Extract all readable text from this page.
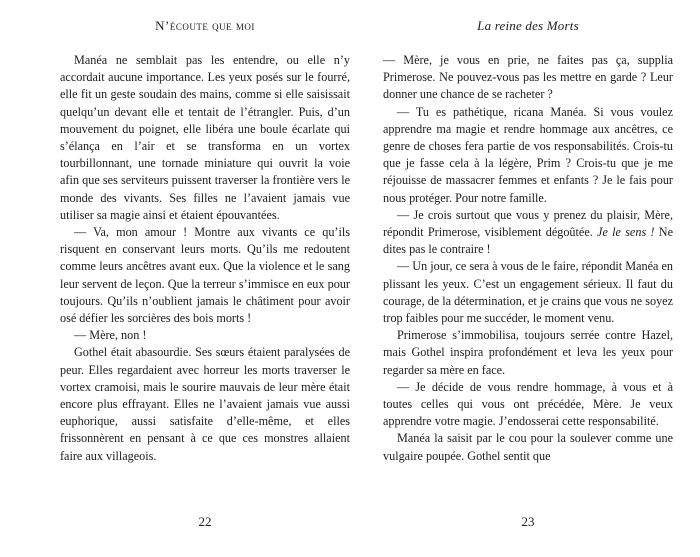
N’écoute que moi

Manéa ne semblait pas les entendre, ou elle n’y accordait aucune importance. Les yeux posés sur le fourré, elle fit un geste soudain des mains, comme si elle saisissait quelqu’un devant elle et tentait de l’étrangler. Puis, d’un mouvement du poignet, elle libéra une boule écarlate qui s’élança en l’air et se transforma en un vortex tourbillonnant, une tornade miniature qui ouvrit la voie afin que ses serviteurs puissent traverser la frontière vers le monde des vivants. Ses filles ne l’avaient jamais vue utiliser sa magie ainsi et étaient épouvantées.

— Va, mon amour ! Montre aux vivants ce qu’ils risquent en conservant leurs morts. Qu’ils me redoutent comme leurs ancêtres avant eux. Que la violence et le sang leur servent de leçon. Que la terreur s’immisce en eux pour toujours. Qu’ils n’oublient jamais le châtiment pour avoir osé défier les sorcières des bois morts !

— Mère, non !

Gothel était abasourdie. Ses sœurs étaient paralysées de peur. Elles regardaient avec horreur les morts traverser le vortex cramoisi, mais le sourire mauvais de leur mère était encore plus effrayant. Elles ne l’avaient jamais vue aussi euphorique, aussi satisfaite d’elle-même, et elles frissonnèrent en pensant à ce que ces monstres allaient faire aux villageois.

22
La reine des Morts

— Mère, je vous en prie, ne faites pas ça, supplia Primerose. Ne pouvez-vous pas les mettre en garde ? Leur donner une chance de se racheter ?

— Tu es pathétique, ricana Manéa. Si vous voulez apprendre ma magie et rendre hommage aux ancêtres, ce genre de choses fera partie de vos responsabilités. Crois-tu que je fasse cela à la légère, Prim ? Crois-tu que je me réjouisse de massacrer femmes et enfants ? Je le fais pour nous protéger. Pour notre famille.

— Je crois surtout que vous y prenez du plaisir, Mère, répondit Primerose, visiblement dégoûtée. Je le sens ! Ne dites pas le contraire !

— Un jour, ce sera à vous de le faire, répondit Manéa en plissant les yeux. C’est un engagement sérieux. Il faut du courage, de la détermination, et je crains que vous ne soyez trop faibles pour me succéder, le moment venu.

Primerose s’immobilisa, toujours serrée contre Hazel, mais Gothel inspira profondément et leva les yeux pour regarder sa mère en face.

— Je décide de vous rendre hommage, à vous et à toutes celles qui vous ont précédée, Mère. Je veux apprendre votre magie. J’endosserai cette responsabilité.

Manéa la saisit par le cou pour la soulever comme une vulgaire poupée. Gothel sentit que

23
